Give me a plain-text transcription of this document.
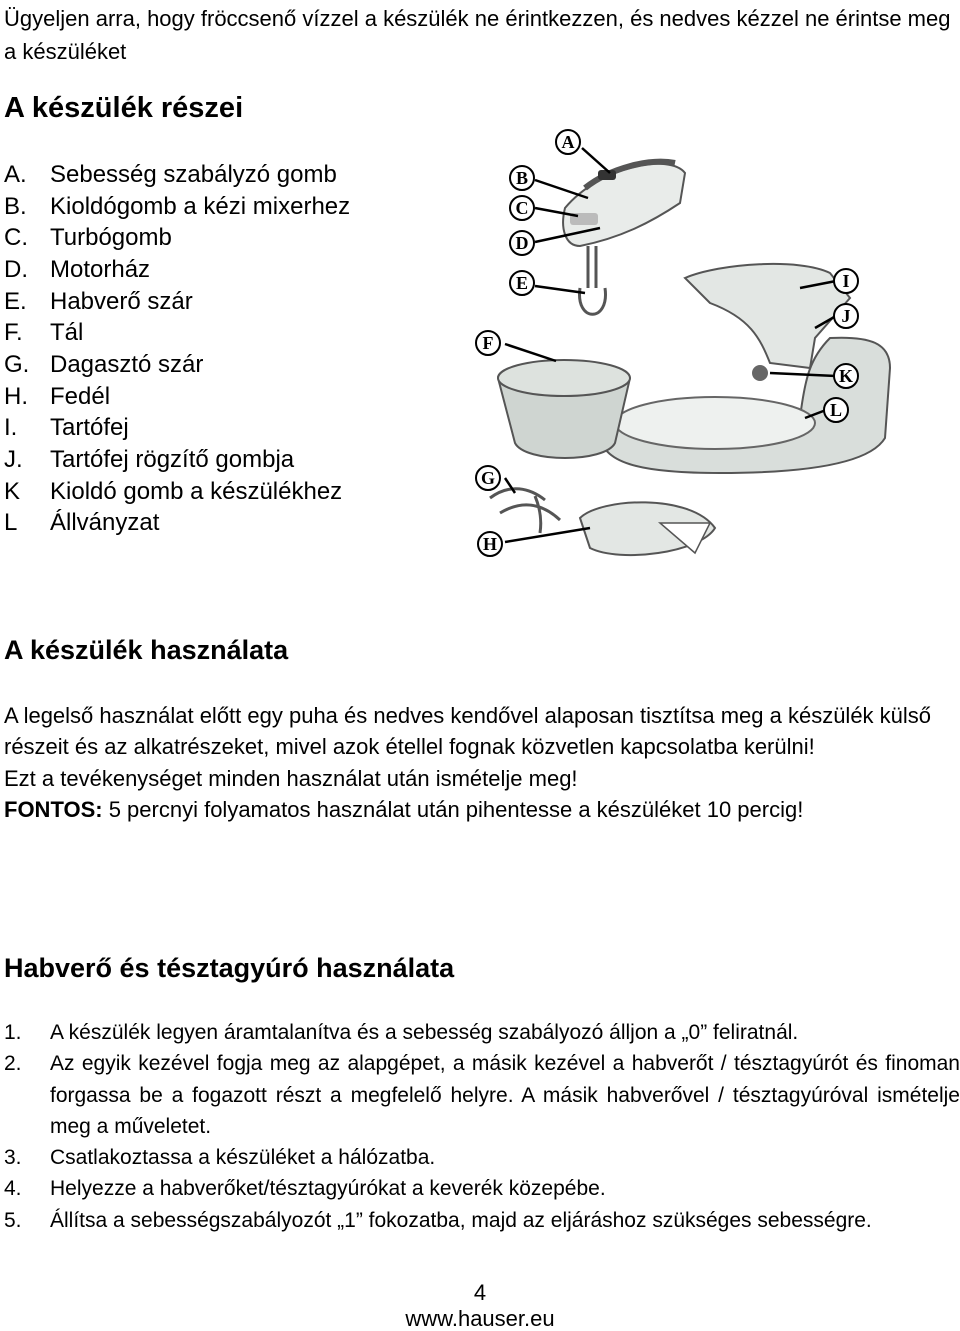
Ügyeljen arra, hogy fröccsenő vízzel a készülék ne érintkezzen, és nedves kézzel ne érintse meg a készüléket
A készülék részei
A. Sebesség szabályzó gomb
B. Kioldógomb a kézi mixerhez
C. Turbógomb
D. Motorház
E. Habverő szár
F.	Tál
G. Dagasztó szár
H. Fedél
I.	Tartófej
J.	Tartófej rögzítő gombja
K	Kioldó gomb a készülékhez
L	Állványzat
A
B
C
D
E
F
G
H
I
J
K
L
A készülék használata

A legelső használat előtt egy puha és nedves kendővel alaposan tisztítsa meg a készülék külső részeit és az alkatrészeket, mivel azok étellel fognak közvetlen kapcsolatba kerülni!

Ezt a tevékenységet minden használat után ismételje meg!

FONTOS: 5 percnyi folyamatos használat után pihentesse a készüléket 10 percig!

Habverő és tésztagyúró használata
1.	A készülék legyen áramtalanítva és a sebesség szabályozó álljon a „0” feliratnál.
2.	Az egyik kezével fogja meg az alapgépet, a másik kezével a habverőt / tésztagyúrót és finoman forgassa be a fogazott részt a megfelelő helyre. A másik habverővel / tésztagyúróval ismételje meg a műveletet.
3.	Csatlakoztassa a készüléket a hálózatba.
4.	Helyezze a habverőket/tésztagyúrókat a keverék közepébe.
5.	Állítsa a sebességszabályozót „1” fokozatba, majd az eljáráshoz szükséges sebességre.
4
www.hauser.eu
